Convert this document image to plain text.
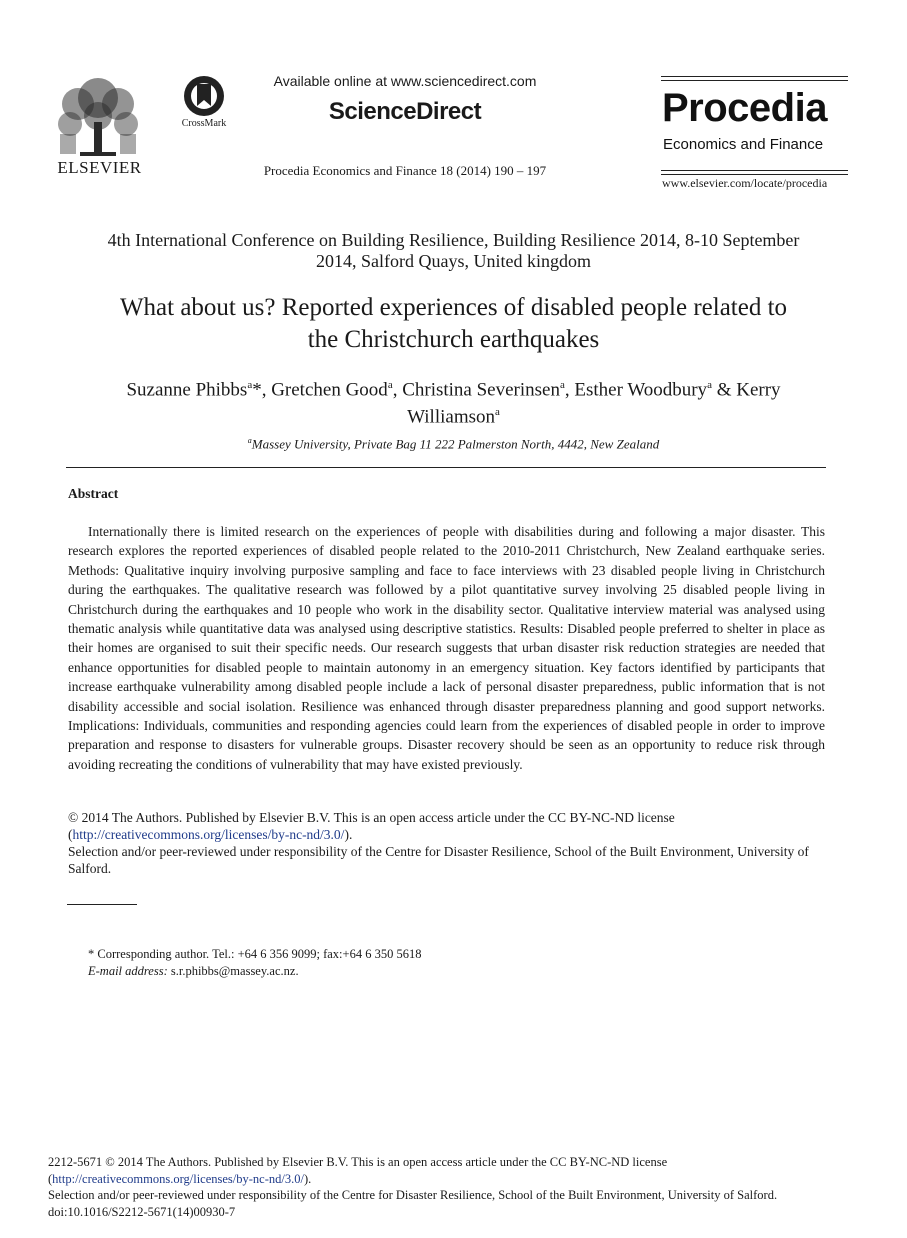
ELSEVIER
CrossMark
Available online at www.sciencedirect.com
ScienceDirect
Procedia Economics and Finance 18 (2014) 190 – 197
Procedia
Economics and Finance
www.elsevier.com/locate/procedia
4th International Conference on Building Resilience, Building Resilience 2014, 8-10 September
2014, Salford Quays, United kingdom
What about us? Reported experiences of disabled people related to
the Christchurch earthquakes
Suzanne Phibbs$^a$*, Gretchen Good$^a$, Christina Severinsen$^a$, Esther Woodbury$^a$ & Kerry
Williamson$^a$
$^a$Massey University, Private Bag 11 222 Palmerston North, 4442, New Zealand
Abstract
Internationally there is limited research on the experiences of people with disabilities during and following a major disaster. This research explores the reported experiences of disabled people related to the 2010-2011 Christchurch, New Zealand earthquake series. Methods: Qualitative inquiry involving purposive sampling and face to face interviews with 23 disabled people living in Christchurch during the earthquakes. The qualitative research was followed by a pilot quantitative survey involving 25 disabled people living in Christchurch during the earthquakes and 10 people who work in the disability sector. Qualitative interview material was analysed using thematic analysis while quantitative data was analysed using descriptive statistics. Results: Disabled people preferred to shelter in place as their homes are organised to suit their specific needs. Our research suggests that urban disaster risk reduction strategies are needed that enhance opportunities for disabled people to maintain autonomy in an emergency situation. Key factors identified by participants that increase earthquake vulnerability among disabled people include a lack of personal disaster preparedness, public information that is not disability accessible and social isolation. Resilience was enhanced through disaster preparedness planning and good support networks. Implications: Individuals, communities and responding agencies could learn from the experiences of disabled people in order to improve preparation and response to disasters for vulnerable groups. Disaster recovery should be seen as an opportunity to reduce risk through avoiding recreating the conditions of vulnerability that may have existed previously.
© 2014 The Authors. Published by Elsevier B.V. This is an open access article under the CC BY-NC-ND license
(http://creativecommons.org/licenses/by-nc-nd/3.0/).
Selection and/or peer-reviewed under responsibility of the Centre for Disaster Resilience, School of the Built Environment, University of Salford.
* Corresponding author. Tel.: +64 6 356 9099; fax:+64 6 350 5618
E-mail address: s.r.phibbs@massey.ac.nz.
2212-5671 © 2014 The Authors. Published by Elsevier B.V. This is an open access article under the CC BY-NC-ND license
(http://creativecommons.org/licenses/by-nc-nd/3.0/).
Selection and/or peer-reviewed under responsibility of the Centre for Disaster Resilience, School of the Built Environment, University of Salford.
doi:10.1016/S2212-5671(14)00930-7
